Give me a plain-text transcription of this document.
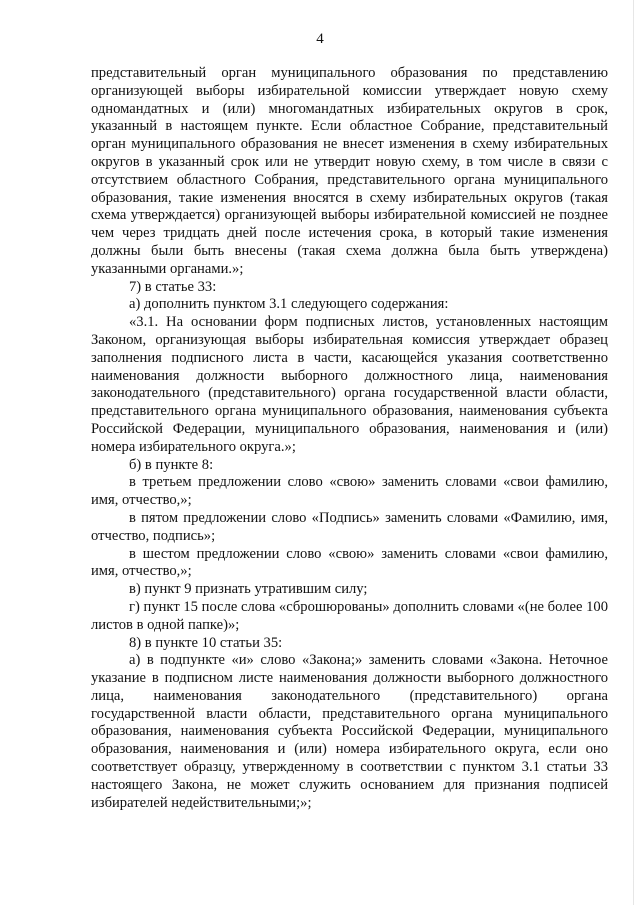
4

представительный орган муниципального образования по представлению организующей выборы избирательной комиссии утверждает новую схему одномандатных и (или) многомандатных избирательных округов в срок, указанный в настоящем пункте. Если областное Собрание, представительный орган муниципального образования не внесет изменения в схему избирательных округов в указанный срок или не утвердит новую схему, в том числе в связи с отсутствием областного Собрания, представительного органа муниципального образования, такие изменения вносятся в схему избирательных округов (такая схема утверждается) организующей выборы избирательной комиссией не позднее чем через тридцать дней после истечения срока, в который такие изменения должны были быть внесены (такая схема должна была быть утверждена) указанными органами.»;

7) в статье 33:

а) дополнить пунктом 3.1 следующего содержания:

«3.1. На основании форм подписных листов, установленных настоящим Законом, организующая выборы избирательная комиссия утверждает образец заполнения подписного листа в части, касающейся указания соответственно наименования должности выборного должностного лица, наименования законодательного (представительного) органа государственной власти области, представительного органа муниципального образования, наименования субъекта Российской Федерации, муниципального образования, наименования и (или) номера избирательного округа.»;

б) в пункте 8:

в третьем предложении слово «свою» заменить словами «свои фамилию, имя, отчество,»;

в пятом предложении слово «Подпись» заменить словами «Фамилию, имя, отчество, подпись»;

в шестом предложении слово «свою» заменить словами «свои фамилию, имя, отчество,»;

в) пункт 9 признать утратившим силу;

г) пункт 15 после слова «сброшюрованы» дополнить словами «(не более 100 листов в одной папке)»;

8) в пункте 10 статьи 35:

а) в подпункте «и» слово «Закона;» заменить словами «Закона. Неточное указание в подписном листе наименования должности выборного должностного лица, наименования законодательного (представительного) органа государственной власти области, представительного органа муниципального образования, наименования субъекта Российской Федерации, муниципального образования, наименования и (или) номера избирательного округа, если оно соответствует образцу, утвержденному в соответствии с пунктом 3.1 статьи 33 настоящего Закона, не может служить основанием для признания подписей избирателей недействительными;»;
